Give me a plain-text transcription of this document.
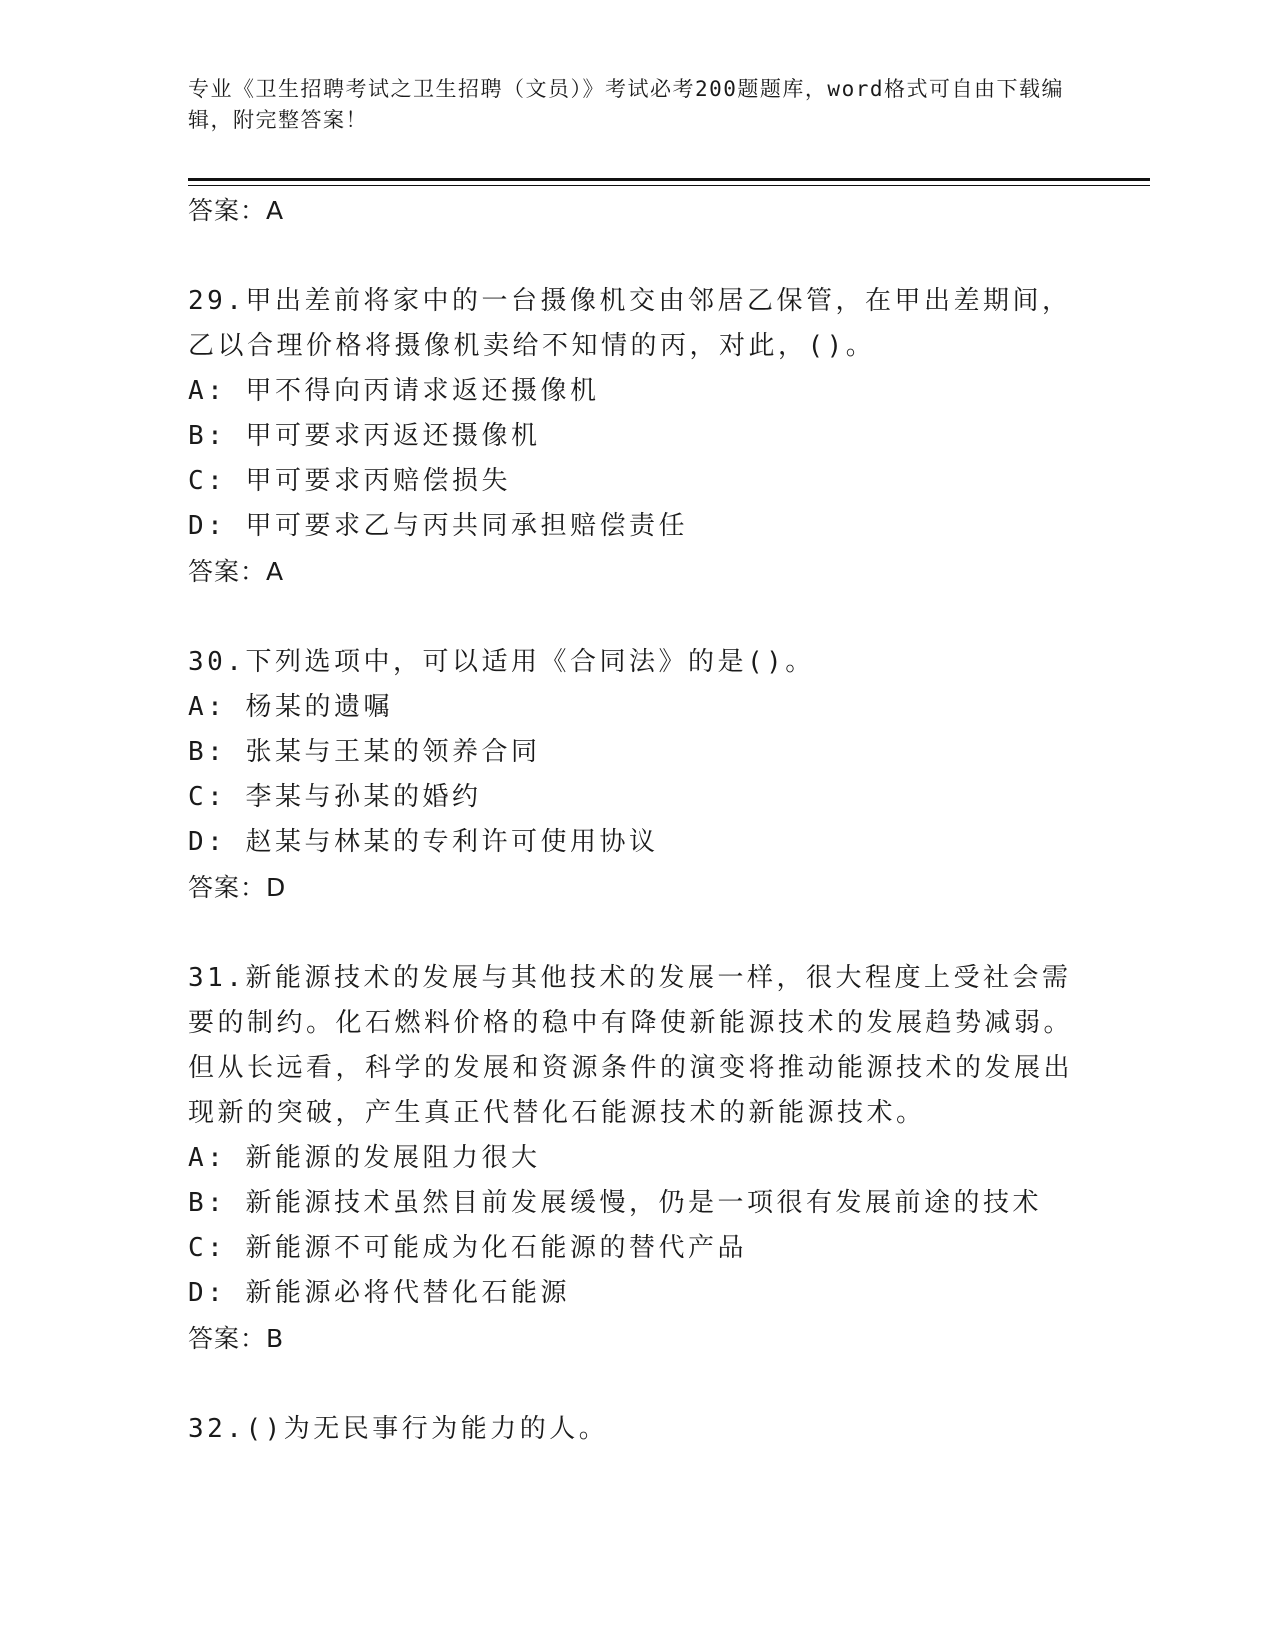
专业《卫生招聘考试之卫生招聘（文员）》考试必考200题题库，word格式可自由下载编辑，附完整答案！
答案：A

29.甲出差前将家中的一台摄像机交由邻居乙保管，在甲出差期间，乙以合理价格将摄像机卖给不知情的丙，对此，()。

A: 甲不得向丙请求返还摄像机
B: 甲可要求丙返还摄像机
C: 甲可要求丙赔偿损失
D: 甲可要求乙与丙共同承担赔偿责任
答案：A

30.下列选项中，可以适用《合同法》的是()。

A: 杨某的遗嘱
B: 张某与王某的领养合同
C: 李某与孙某的婚约
D: 赵某与林某的专利许可使用协议
答案：D

31.新能源技术的发展与其他技术的发展一样，很大程度上受社会需要的制约。化石燃料价格的稳中有降使新能源技术的发展趋势减弱。但从长远看，科学的发展和资源条件的演变将推动能源技术的发展出现新的突破，产生真正代替化石能源技术的新能源技术。

A: 新能源的发展阻力很大
B: 新能源技术虽然目前发展缓慢，仍是一项很有发展前途的技术
C: 新能源不可能成为化石能源的替代产品
D: 新能源必将代替化石能源
答案：B

32.()为无民事行为能力的人。
